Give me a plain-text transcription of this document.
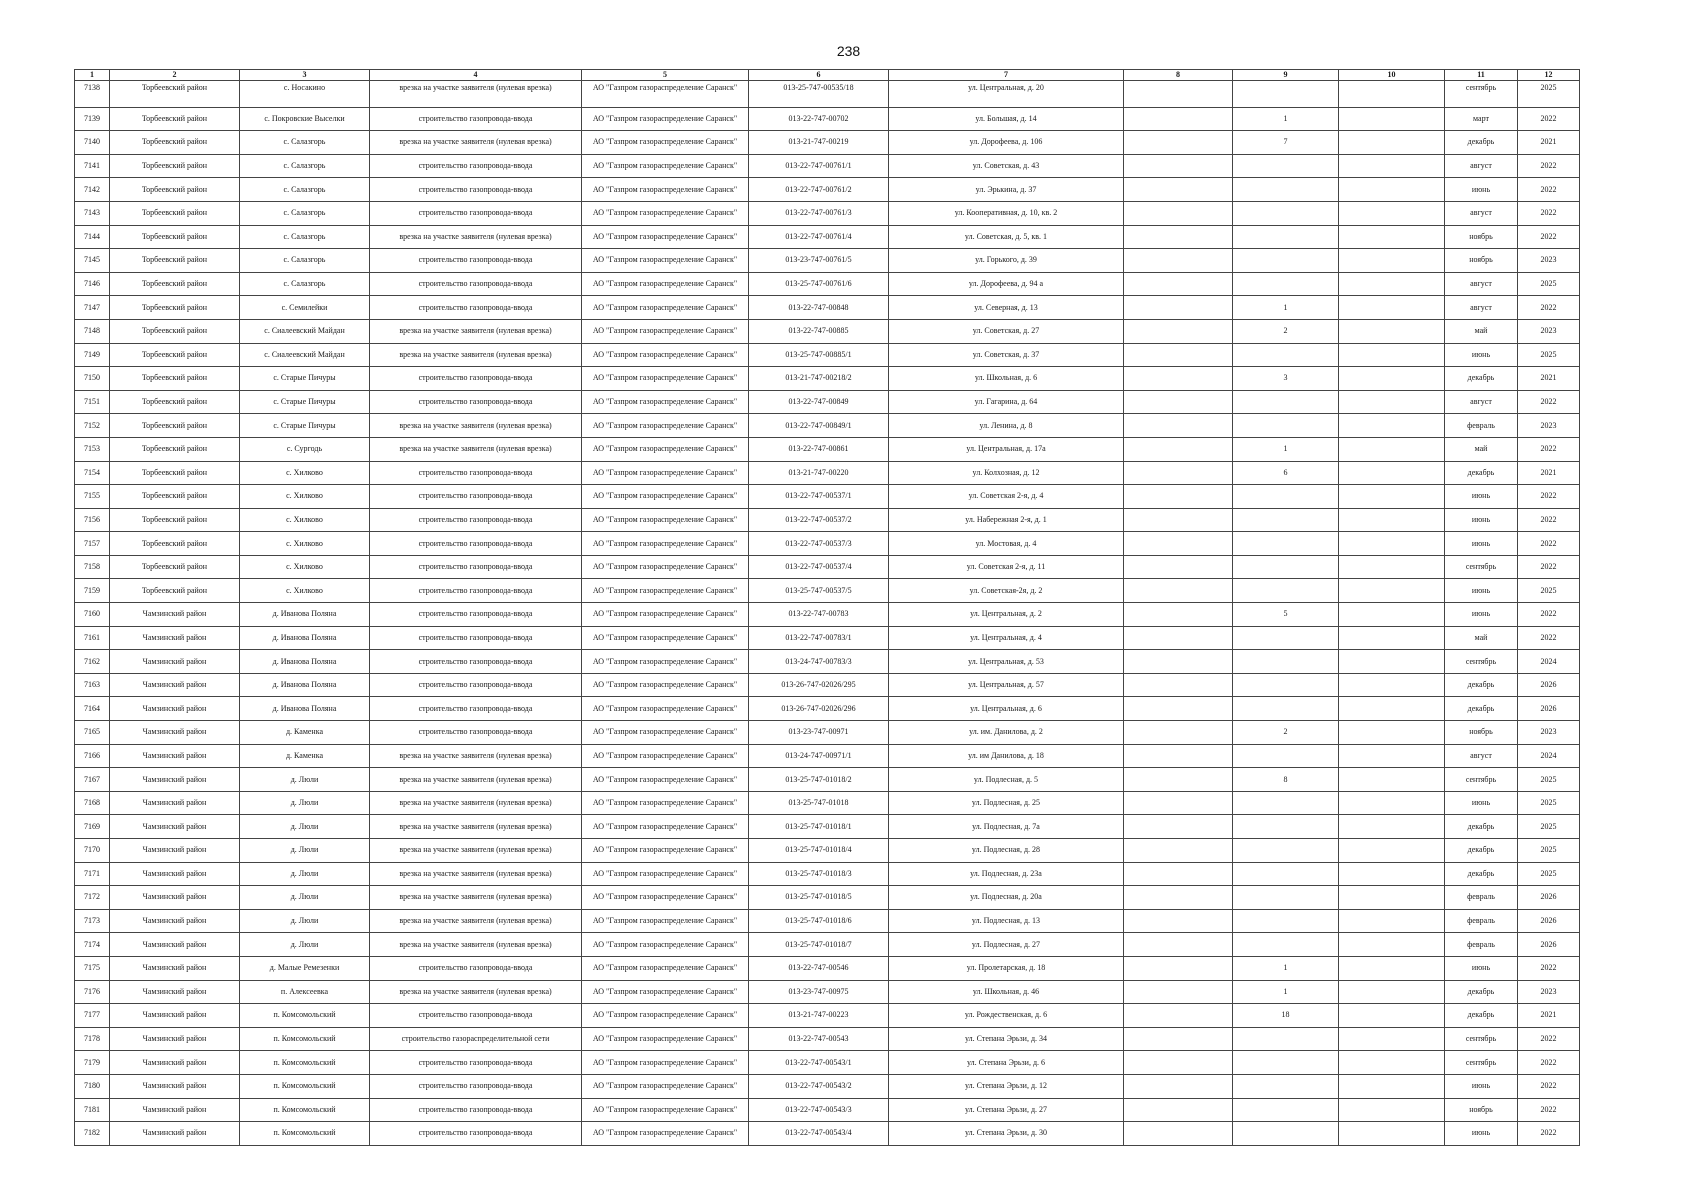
238
1	2	3	4	5	6	7	8	9	10	11	12
7138	Торбеевский район	с. Носакино	врезка на участке заявителя (нулевая врезка)	АО "Газпром газораспределение Саранск"	013-25-747-00535/18	ул. Центральная, д. 20				сентябрь	2025
7139	Торбеевский район	с. Покровские Выселки	строительство газопровода-ввода	АО "Газпром газораспределение Саранск"	013-22-747-00702	ул. Большая, д. 14		1		март	2022
7140	Торбеевский район	с. Салазгорь	врезка на участке заявителя (нулевая врезка)	АО "Газпром газораспределение Саранск"	013-21-747-00219	ул. Дорофеева, д. 106		7		декабрь	2021
7141	Торбеевский район	с. Салазгорь	строительство газопровода-ввода	АО "Газпром газораспределение Саранск"	013-22-747-00761/1	ул. Советская, д. 43				август	2022
7142	Торбеевский район	с. Салазгорь	строительство газопровода-ввода	АО "Газпром газораспределение Саранск"	013-22-747-00761/2	ул. Эрькина, д. 37				июнь	2022
7143	Торбеевский район	с. Салазгорь	строительство газопровода-ввода	АО "Газпром газораспределение Саранск"	013-22-747-00761/3	ул. Кооперативная, д. 10, кв. 2				август	2022
7144	Торбеевский район	с. Салазгорь	врезка на участке заявителя (нулевая врезка)	АО "Газпром газораспределение Саранск"	013-22-747-00761/4	ул. Советская, д. 5, кв. 1				ноябрь	2022
7145	Торбеевский район	с. Салазгорь	строительство газопровода-ввода	АО "Газпром газораспределение Саранск"	013-23-747-00761/5	ул. Горького, д. 39				ноябрь	2023
7146	Торбеевский район	с. Салазгорь	строительство газопровода-ввода	АО "Газпром газораспределение Саранск"	013-25-747-00761/6	ул. Дорофеева, д. 94 а				август	2025
7147	Торбеевский район	с. Семилейки	строительство газопровода-ввода	АО "Газпром газораспределение Саранск"	013-22-747-00848	ул. Северная, д. 13		1		август	2022
7148	Торбеевский район	с. Сиалеевский Майдан	врезка на участке заявителя (нулевая врезка)	АО "Газпром газораспределение Саранск"	013-22-747-00885	ул. Советская, д. 27		2		май	2023
7149	Торбеевский район	с. Сиалеевский Майдан	врезка на участке заявителя (нулевая врезка)	АО "Газпром газораспределение Саранск"	013-25-747-00885/1	ул. Советская, д. 37				июнь	2025
7150	Торбеевский район	с. Старые Пичуры	строительство газопровода-ввода	АО "Газпром газораспределение Саранск"	013-21-747-00218/2	ул. Школьная, д. 6		3		декабрь	2021
7151	Торбеевский район	с. Старые Пичуры	строительство газопровода-ввода	АО "Газпром газораспределение Саранск"	013-22-747-00849	ул. Гагарина, д. 64				август	2022
7152	Торбеевский район	с. Старые Пичуры	врезка на участке заявителя (нулевая врезка)	АО "Газпром газораспределение Саранск"	013-22-747-00849/1	ул. Ленина, д. 8				февраль	2023
7153	Торбеевский район	с. Сургодь	врезка на участке заявителя (нулевая врезка)	АО "Газпром газораспределение Саранск"	013-22-747-00861	ул. Центральная, д. 17а		1		май	2022
7154	Торбеевский район	с. Хилково	строительство газопровода-ввода	АО "Газпром газораспределение Саранск"	013-21-747-00220	ул. Колхозная, д. 12		6		декабрь	2021
7155	Торбеевский район	с. Хилково	строительство газопровода-ввода	АО "Газпром газораспределение Саранск"	013-22-747-00537/1	ул. Советская 2-я, д. 4				июнь	2022
7156	Торбеевский район	с. Хилково	строительство газопровода-ввода	АО "Газпром газораспределение Саранск"	013-22-747-00537/2	ул. Набережная 2-я, д. 1				июнь	2022
7157	Торбеевский район	с. Хилково	строительство газопровода-ввода	АО "Газпром газораспределение Саранск"	013-22-747-00537/3	ул. Мостовая, д. 4				июнь	2022
7158	Торбеевский район	с. Хилково	строительство газопровода-ввода	АО "Газпром газораспределение Саранск"	013-22-747-00537/4	ул. Советская 2-я, д. 11				сентябрь	2022
7159	Торбеевский район	с. Хилково	строительство газопровода-ввода	АО "Газпром газораспределение Саранск"	013-25-747-00537/5	ул. Советская-2я, д. 2				июнь	2025
7160	Чамзинский район	д. Иванова Поляна	строительство газопровода-ввода	АО "Газпром газораспределение Саранск"	013-22-747-00783	ул. Центральная, д. 2		5		июнь	2022
7161	Чамзинский район	д. Иванова Поляна	строительство газопровода-ввода	АО "Газпром газораспределение Саранск"	013-22-747-00783/1	ул. Центральная, д. 4				май	2022
7162	Чамзинский район	д. Иванова Поляна	строительство газопровода-ввода	АО "Газпром газораспределение Саранск"	013-24-747-00783/3	ул. Центральная, д. 53				сентябрь	2024
7163	Чамзинский район	д. Иванова Поляна	строительство газопровода-ввода	АО "Газпром газораспределение Саранск"	013-26-747-02026/295	ул. Центральная, д. 57				декабрь	2026
7164	Чамзинский район	д. Иванова Поляна	строительство газопровода-ввода	АО "Газпром газораспределение Саранск"	013-26-747-02026/296	ул. Центральная, д. 6				декабрь	2026
7165	Чамзинский район	д. Каменка	строительство газопровода-ввода	АО "Газпром газораспределение Саранск"	013-23-747-00971	ул. им. Данилова, д. 2		2		ноябрь	2023
7166	Чамзинский район	д. Каменка	врезка на участке заявителя (нулевая врезка)	АО "Газпром газораспределение Саранск"	013-24-747-00971/1	ул. им Данилова, д. 18				август	2024
7167	Чамзинский район	д. Люли	врезка на участке заявителя (нулевая врезка)	АО "Газпром газораспределение Саранск"	013-25-747-01018/2	ул. Подлесная, д. 5		8		сентябрь	2025
7168	Чамзинский район	д. Люли	врезка на участке заявителя (нулевая врезка)	АО "Газпром газораспределение Саранск"	013-25-747-01018	ул. Подлесная, д. 25				июнь	2025
7169	Чамзинский район	д. Люли	врезка на участке заявителя (нулевая врезка)	АО "Газпром газораспределение Саранск"	013-25-747-01018/1	ул. Подлесная, д. 7а				декабрь	2025
7170	Чамзинский район	д. Люли	врезка на участке заявителя (нулевая врезка)	АО "Газпром газораспределение Саранск"	013-25-747-01018/4	ул. Подлесная, д. 28				декабрь	2025
7171	Чамзинский район	д. Люли	врезка на участке заявителя (нулевая врезка)	АО "Газпром газораспределение Саранск"	013-25-747-01018/3	ул. Подлесная, д. 23а				декабрь	2025
7172	Чамзинский район	д. Люли	врезка на участке заявителя (нулевая врезка)	АО "Газпром газораспределение Саранск"	013-25-747-01018/5	ул. Подлесная, д. 20а				февраль	2026
7173	Чамзинский район	д. Люли	врезка на участке заявителя (нулевая врезка)	АО "Газпром газораспределение Саранск"	013-25-747-01018/6	ул. Подлесная, д. 13				февраль	2026
7174	Чамзинский район	д. Люли	врезка на участке заявителя (нулевая врезка)	АО "Газпром газораспределение Саранск"	013-25-747-01018/7	ул. Подлесная, д. 27				февраль	2026
7175	Чамзинский район	д. Малые Ремезенки	строительство газопровода-ввода	АО "Газпром газораспределение Саранск"	013-22-747-00546	ул. Пролетарская, д. 18		1		июнь	2022
7176	Чамзинский район	п. Алексеевка	врезка на участке заявителя (нулевая врезка)	АО "Газпром газораспределение Саранск"	013-23-747-00975	ул. Школьная, д. 46		1		декабрь	2023
7177	Чамзинский район	п. Комсомольский	строительство газопровода-ввода	АО "Газпром газораспределение Саранск"	013-21-747-00223	ул. Рождественская, д. 6		18		декабрь	2021
7178	Чамзинский район	п. Комсомольский	строительство газораспределительной сети	АО "Газпром газораспределение Саранск"	013-22-747-00543	ул. Степана Эрьзи, д. 34				сентябрь	2022
7179	Чамзинский район	п. Комсомольский	строительство газопровода-ввода	АО "Газпром газораспределение Саранск"	013-22-747-00543/1	ул. Степана Эрьзи, д. 6				сентябрь	2022
7180	Чамзинский район	п. Комсомольский	строительство газопровода-ввода	АО "Газпром газораспределение Саранск"	013-22-747-00543/2	ул. Степана Эрьзи, д. 12				июнь	2022
7181	Чамзинский район	п. Комсомольский	строительство газопровода-ввода	АО "Газпром газораспределение Саранск"	013-22-747-00543/3	ул. Степана Эрьзи, д. 27				ноябрь	2022
7182	Чамзинский район	п. Комсомольский	строительство газопровода-ввода	АО "Газпром газораспределение Саранск"	013-22-747-00543/4	ул. Степана Эрьзи, д. 30				июнь	2022
